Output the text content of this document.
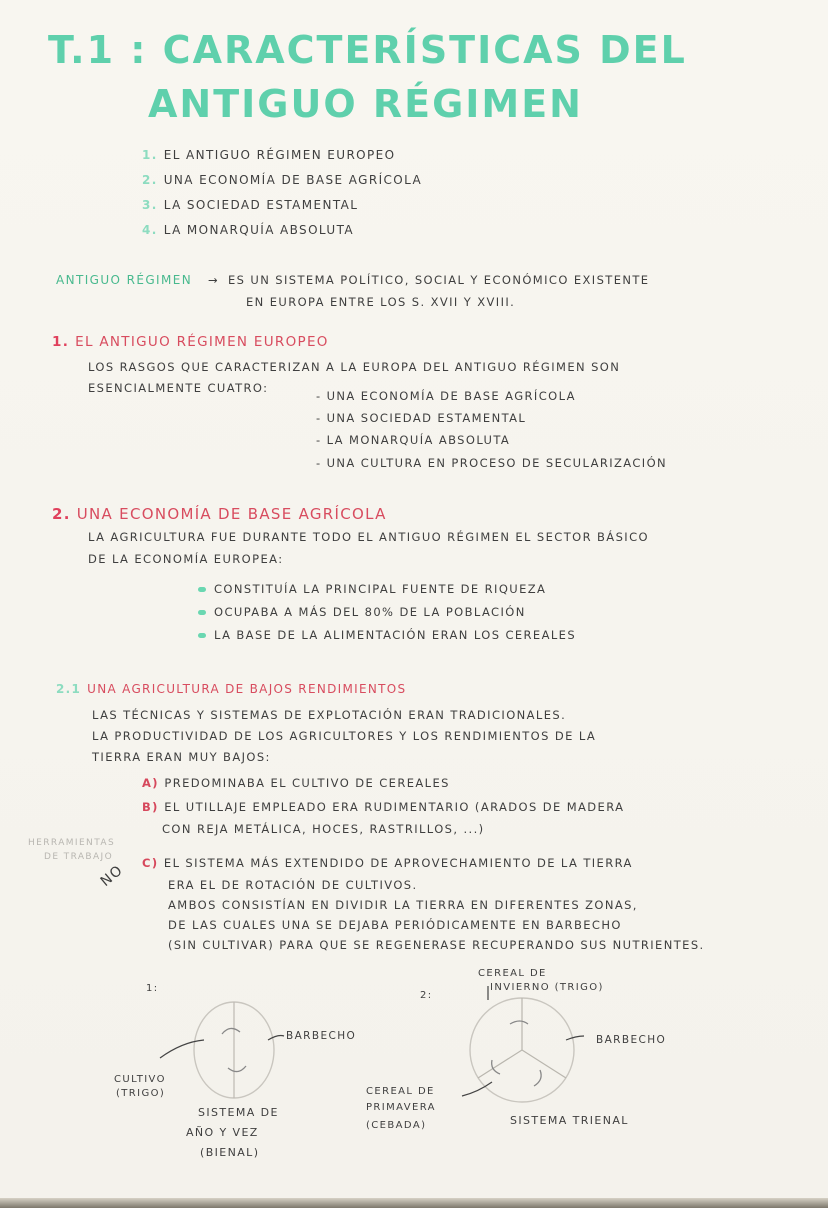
T.1 : CARACTERÍSTICAS DEL
ANTIGUO RÉGIMEN
1. EL ANTIGUO RÉGIMEN EUROPEO
2. UNA ECONOMÍA DE BASE AGRÍCOLA
3. LA SOCIEDAD ESTAMENTAL
4. LA MONARQUÍA ABSOLUTA
ANTIGUO RÉGIMEN → ES UN SISTEMA POLÍTICO, SOCIAL Y ECONÓMICO EXISTENTE
EN EUROPA ENTRE LOS S. XVII Y XVIII.
1. EL ANTIGUO RÉGIMEN EUROPEO
LOS RASGOS QUE CARACTERIZAN A LA EUROPA DEL ANTIGUO RÉGIMEN SON
ESENCIALMENTE CUATRO:
- UNA ECONOMÍA DE BASE AGRÍCOLA
- UNA SOCIEDAD ESTAMENTAL
- LA MONARQUÍA ABSOLUTA
- UNA CULTURA EN PROCESO DE SECULARIZACIÓN
2. UNA ECONOMÍA DE BASE AGRÍCOLA
LA AGRICULTURA FUE DURANTE TODO EL ANTIGUO RÉGIMEN EL SECTOR BÁSICO
DE LA ECONOMÍA EUROPEA:
CONSTITUÍA LA PRINCIPAL FUENTE DE RIQUEZA
OCUPABA A MÁS DEL 80% DE LA POBLACIÓN
LA BASE DE LA ALIMENTACIÓN ERAN LOS CEREALES
2.1 UNA AGRICULTURA DE BAJOS RENDIMIENTOS
LAS TÉCNICAS Y SISTEMAS DE EXPLOTACIÓN ERAN TRADICIONALES.
LA PRODUCTIVIDAD DE LOS AGRICULTORES Y LOS RENDIMIENTOS DE LA
TIERRA ERAN MUY BAJOS:
A) PREDOMINABA EL CULTIVO DE CEREALES
B) EL UTILLAJE EMPLEADO ERA RUDIMENTARIO (ARADOS DE MADERA
CON REJA METÁLICA, HOCES, RASTRILLOS, ...)
HERRAMIENTAS
DE TRABAJO
NO C) EL SISTEMA MÁS EXTENDIDO DE APROVECHAMIENTO DE LA TIERRA
ERA EL DE ROTACIÓN DE CULTIVOS.
AMBOS CONSISTÍAN EN DIVIDIR LA TIERRA EN DIFERENTES ZONAS,
DE LAS CUALES UNA SE DEJABA PERIÓDICAMENTE EN BARBECHO
(SIN CULTIVAR) PARA QUE SE REGENERASE RECUPERANDO SUS NUTRIENTES.
1:
BARBECHO
CULTIVO
(TRIGO)
SISTEMA DE
AÑO Y VEZ
(BIENAL)
2:
CEREAL DE
INVIERNO (TRIGO)
BARBECHO
CEREAL DE
PRIMAVERA
(CEBADA)	SISTEMA TRIENAL
